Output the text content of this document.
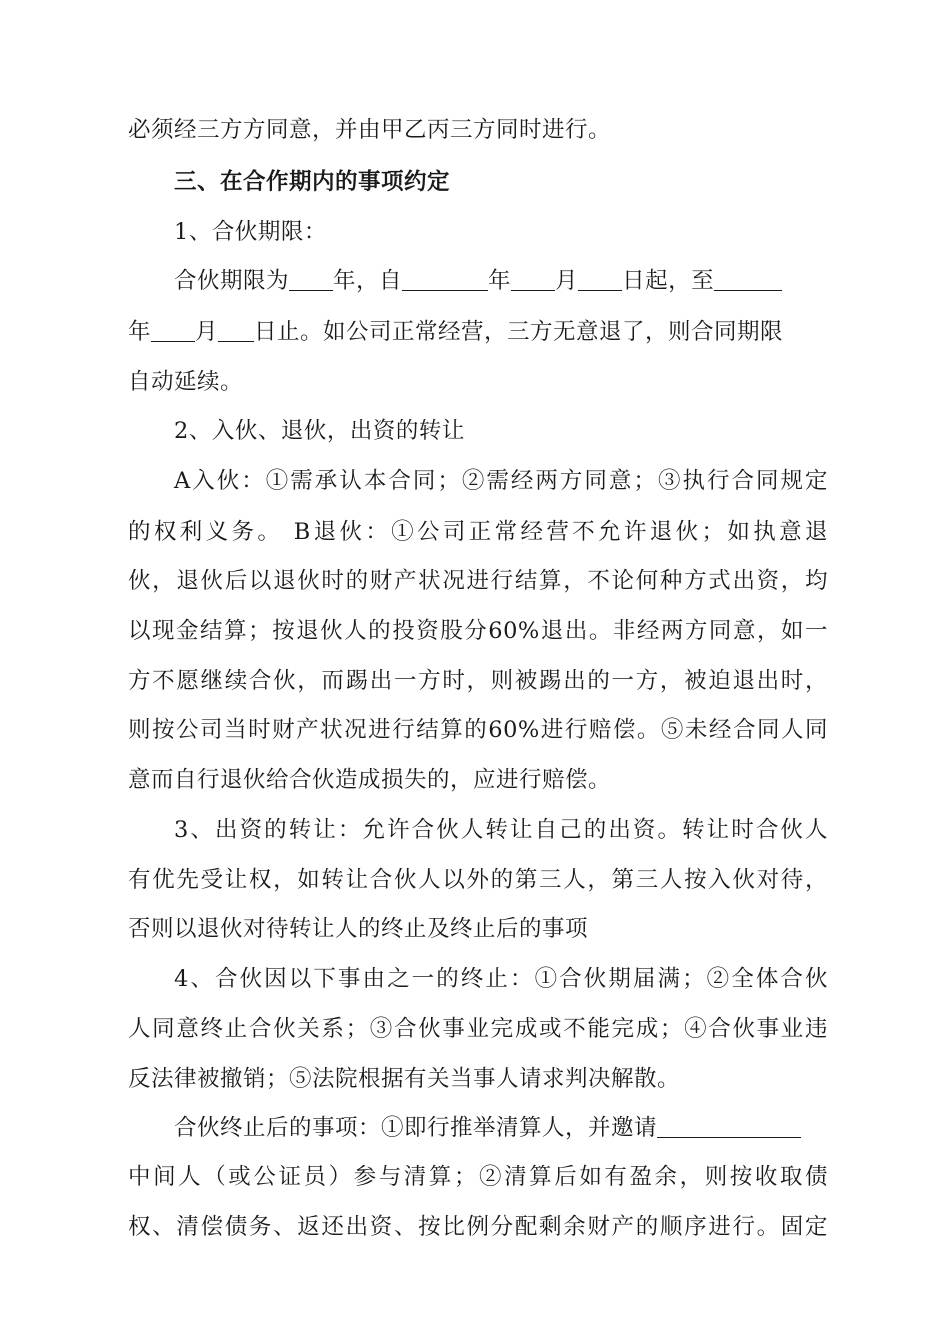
必须经三方方同意，并由甲乙丙三方同时进行。
三、在合作期内的事项约定
1、合伙期限：
合伙期限为 年，自	年 月 日起，至
年 月 日止。如公司正常经营，三方无意退了，则合同期限
自动延续。
2、入伙、退伙，出资的转让
A入伙：①需承认本合同；②需经两方同意；③执行合同规定
的权利义务。 B退伙：①公司正常经营不允许退伙；如执意退
伙，退伙后以退伙时的财产状况进行结算，不论何种方式出资，均
以现金结算；按退伙人的投资股分60%退出。非经两方同意，如一
方不愿继续合伙，而踢出一方时，则被踢出的一方，被迫退出时，
则按公司当时财产状况进行结算的60%进行赔偿。⑤未经合同人同
意而自行退伙给合伙造成损失的，应进行赔偿。
3、出资的转让：允许合伙人转让自己的出资。转让时合伙人
有优先受让权，如转让合伙人以外的第三人，第三人按入伙对待，
否则以退伙对待转让人的终止及终止后的事项
4、合伙因以下事由之一的终止：①合伙期届满；②全体合伙
人同意终止合伙关系；③合伙事业完成或不能完成；④合伙事业违
反法律被撤销；⑤法院根据有关当事人请求判决解散。
合伙终止后的事项：①即行推举清算人，并邀请
中间人（或公证员）参与清算；②清算后如有盈余，则按收取债
权、清偿债务、返还出资、按比例分配剩余财产的顺序进行。固定
